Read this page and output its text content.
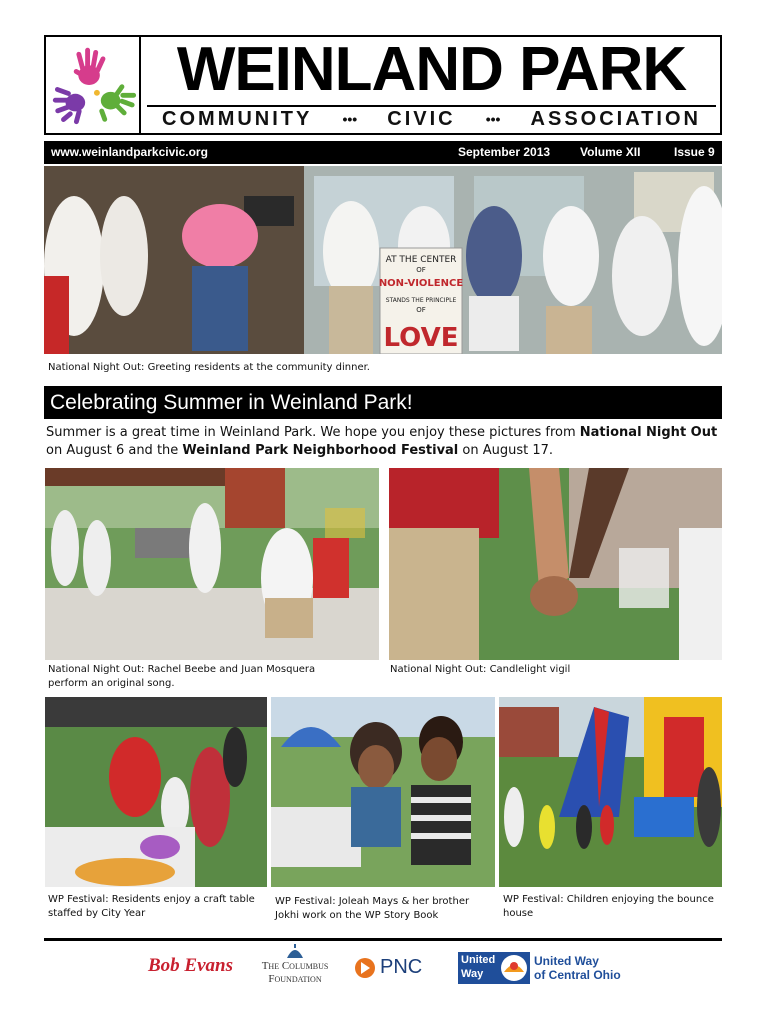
WEINLAND PARK
COMMUNITY ••• CIVIC ••• ASSOCIATION
www.weinlandparkcivic.org	September 2013 Volume XII	Issue 9
AT THE CENTER
OF
NON-VIOLENCE
STANDS THE PRINCIPLE
OF
LOVE
National Night Out: Greeting residents at the community dinner.
Celebrating Summer in Weinland Park!
Summer is a great time in Weinland Park. We hope you enjoy these pictures from National Night Out on August 6 and the Weinland Park Neighborhood Festival on August 17.
National Night Out: Rachel Beebe and Juan Mosquera perform an original song.
National Night Out: Candlelight vigil
WP Festival: Residents enjoy a craft table staffed by City Year
WP Festival: Joleah Mays & her brother Jokhi work on the WP Story Book
WP Festival: Children enjoying the bounce house
Bob Evans	The Columbus
Foundation
PNC	United
Way
United Way
of Central Ohio
